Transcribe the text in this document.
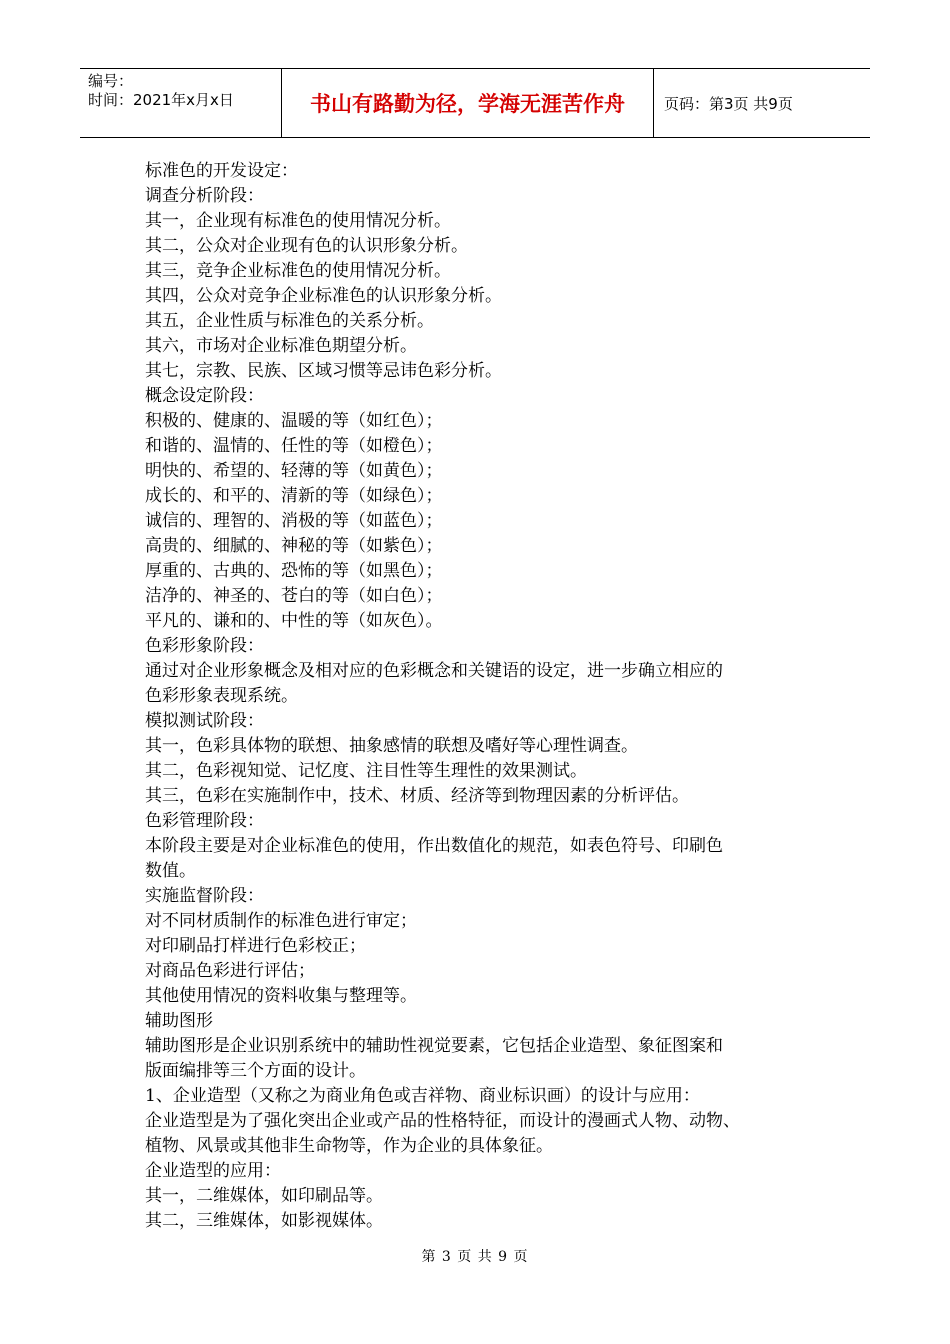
编号：
时间：2021年x月x日	书山有路勤为径，学海无涯苦作舟	页码：第3页 共9页

标准色的开发设定：

调查分析阶段：

其一，企业现有标准色的使用情况分析。

其二，公众对企业现有色的认识形象分析。

其三，竞争企业标准色的使用情况分析。

其四，公众对竞争企业标准色的认识形象分析。

其五，企业性质与标准色的关系分析。

其六，市场对企业标准色期望分析。

其七，宗教、民族、区域习惯等忌讳色彩分析。

概念设定阶段：

积极的、健康的、温暖的等（如红色）；

和谐的、温情的、任性的等（如橙色）；

明快的、希望的、轻薄的等（如黄色）；

成长的、和平的、清新的等（如绿色）；

诚信的、理智的、消极的等（如蓝色）；

高贵的、细腻的、神秘的等（如紫色）；

厚重的、古典的、恐怖的等（如黑色）；

洁净的、神圣的、苍白的等（如白色）；

平凡的、谦和的、中性的等（如灰色）。

色彩形象阶段：

通过对企业形象概念及相对应的色彩概念和关键语的设定，进一步确立相应的

色彩形象表现系统。

模拟测试阶段：

其一，色彩具体物的联想、抽象感情的联想及嗜好等心理性调查。

其二，色彩视知觉、记忆度、注目性等生理性的效果测试。

其三，色彩在实施制作中，技术、材质、经济等到物理因素的分析评估。

色彩管理阶段：

本阶段主要是对企业标准色的使用，作出数值化的规范，如表色符号、印刷色

数值。

实施监督阶段：

对不同材质制作的标准色进行审定；

对印刷品打样进行色彩校正；

对商品色彩进行评估；

其他使用情况的资料收集与整理等。

辅助图形

辅助图形是企业识别系统中的辅助性视觉要素，它包括企业造型、象征图案和

版面编排等三个方面的设计。

1、企业造型（又称之为商业角色或吉祥物、商业标识画）的设计与应用：

企业造型是为了强化突出企业或产品的性格特征，而设计的漫画式人物、动物、

植物、风景或其他非生命物等，作为企业的具体象征。

企业造型的应用：

其一，二维媒体，如印刷品等。

其二，三维媒体，如影视媒体。

第 3 页 共 9 页
